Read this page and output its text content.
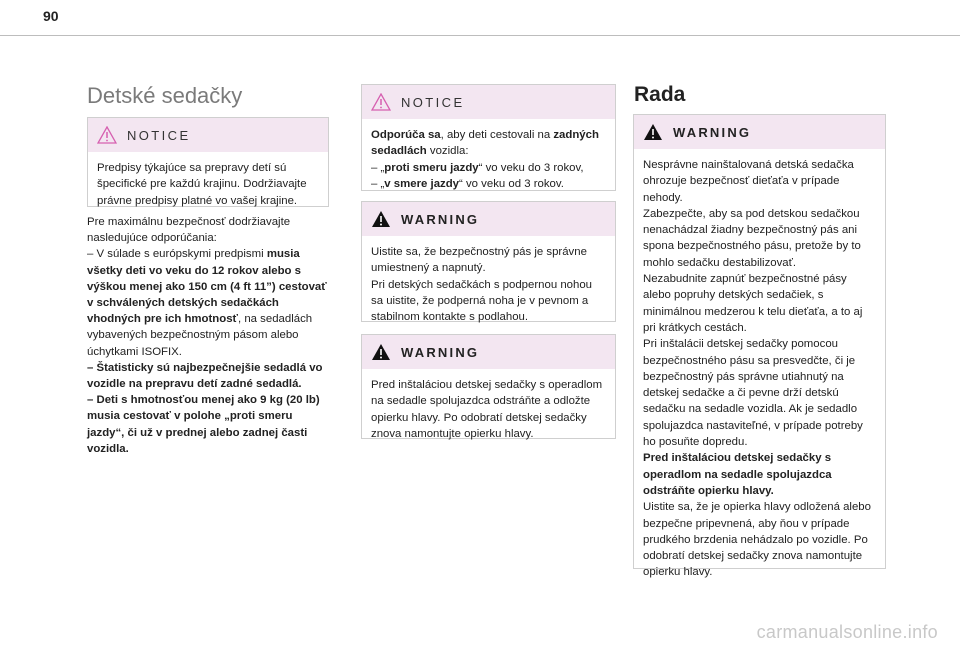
90
Detské sedačky
NOTICE

Predpisy týkajúce sa prepravy detí sú špecifické pre každú krajinu. Dodržiavajte právne predpisy platné vo vašej krajine.

Pre maximálnu bezpečnosť dodržiavajte nasledujúce odporúčania:

– V súlade s európskymi predpismi musia všetky deti vo veku do 12 rokov alebo s výškou menej ako 150 cm (4 ft 11”) cestovať v schválených detských sedačkách vhodných pre ich hmotnosť, na sedadlách vybavených bezpečnostným pásom alebo úchytkami ISOFIX.

– Štatisticky sú najbezpečnejšie sedadlá vo vozidle na prepravu detí zadné sedadlá.

– Deti s hmotnosťou menej ako 9 kg (20 lb) musia cestovať v polohe „proti smeru jazdy“, či už v prednej alebo zadnej časti vozidla.

NOTICE

Odporúča sa, aby deti cestovali na zadných sedadlách vozidla:

– „proti smeru jazdy“ vo veku do 3 rokov,

– „v smere jazdy“ vo veku od 3 rokov.

WARNING

Uistite sa, že bezpečnostný pás je správne umiestnený a napnutý.

Pri detských sedačkách s podpernou nohou sa uistite, že podperná noha je v pevnom a stabilnom kontakte s podlahou.

WARNING

Pred inštaláciou detskej sedačky s operadlom na sedadle spolujazdca odstráňte a odložte opierku hlavy. Po odobratí detskej sedačky znova namontujte opierku hlavy.

Rada
WARNING

Nesprávne nainštalovaná detská sedačka ohrozuje bezpečnosť dieťaťa v prípade nehody.

Zabezpečte, aby sa pod detskou sedačkou nenachádzal žiadny bezpečnostný pás ani spona bezpečnostného pásu, pretože by to mohlo sedačku destabilizovať.

Nezabudnite zapnúť bezpečnostné pásy alebo popruhy detských sedačiek, s minimálnou medzerou k telu dieťaťa, a to aj pri krátkych cestách.

Pri inštalácii detskej sedačky pomocou bezpečnostného pásu sa presvedčte, či je bezpečnostný pás správne utiahnutý na detskej sedačke a či pevne drží detskú sedačku na sedadle vozidla. Ak je sedadlo spolujazdca nastaviteľné, v prípade potreby ho posuňte dopredu.

Pred inštaláciou detskej sedačky s operadlom na sedadle spolujazdca odstráňte opierku hlavy.

Uistite sa, že je opierka hlavy odložená alebo bezpečne pripevnená, aby ňou v prípade prudkého brzdenia nehádzalo po vozidle. Po odobratí detskej sedačky znova namontujte opierku hlavy.

carmanualsonline.info
